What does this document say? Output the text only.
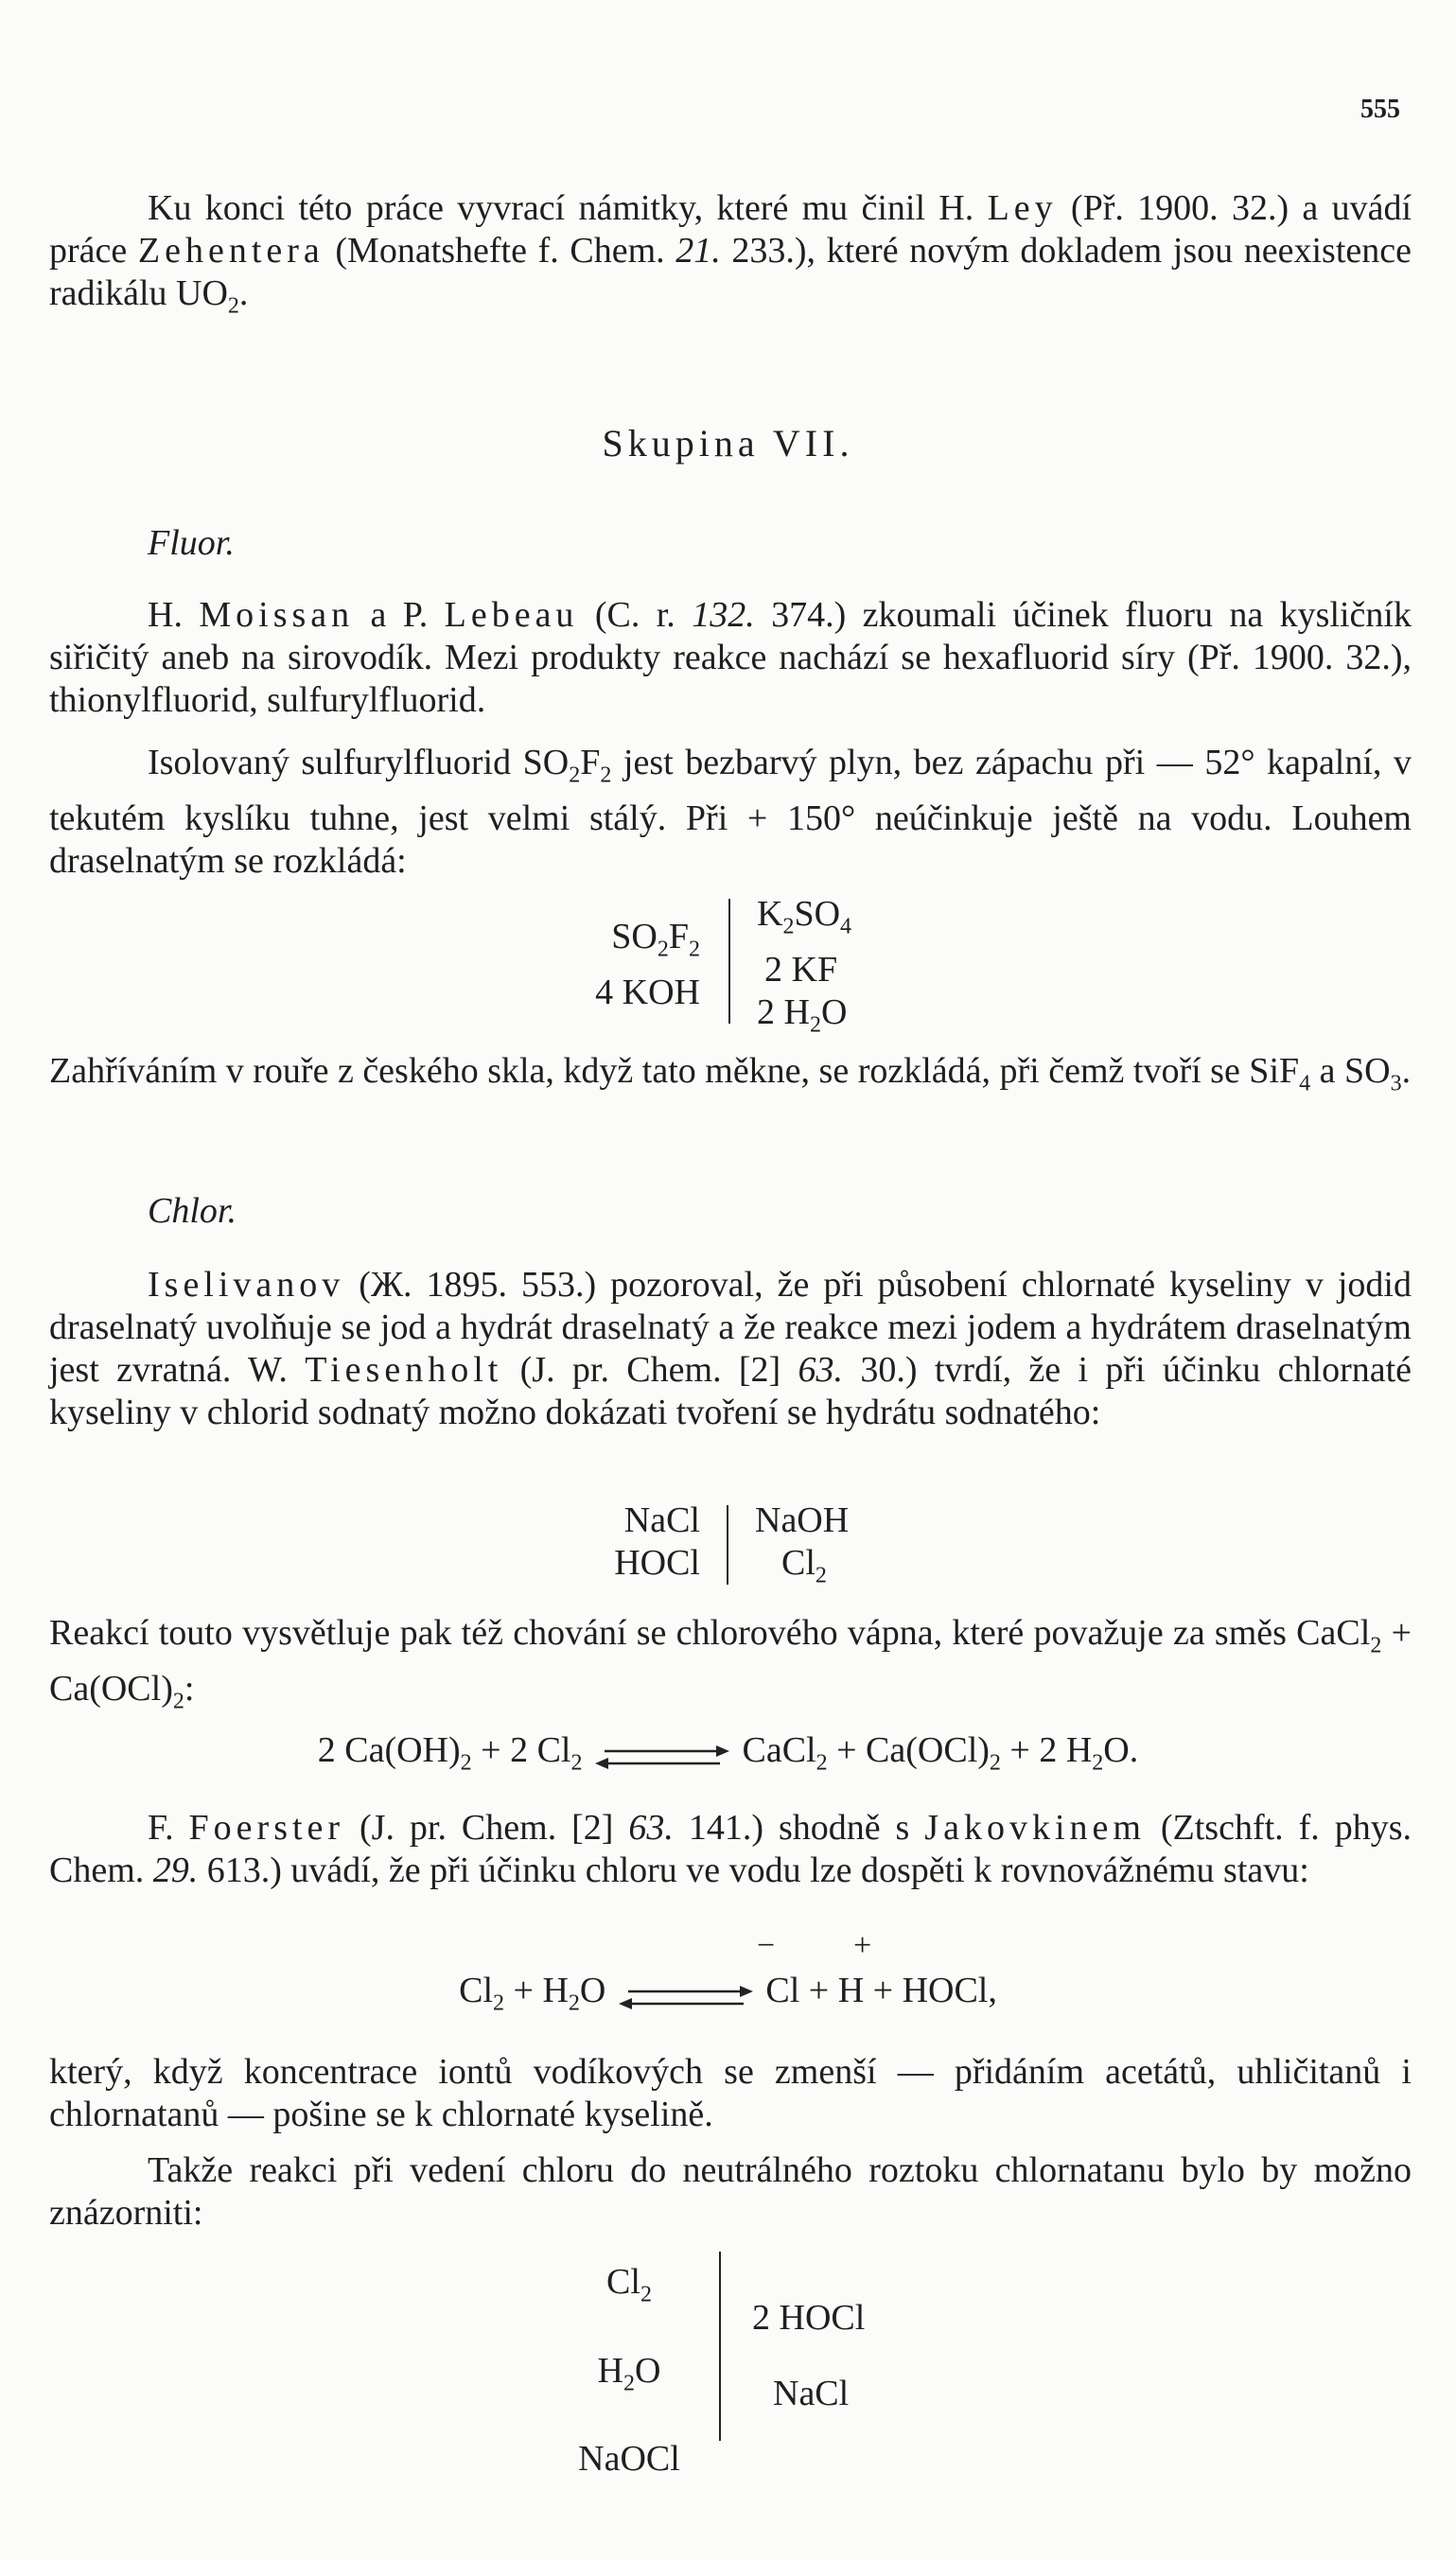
555

Ku konci této práce vyvrací námitky, které mu činil H. Ley (Př. 1900. 32.) a uvádí práce Zehentera (Monatshefte f. Chem. 21. 233.), které novým dokladem jsou neexistence radikálu $UO_2$.

Skupina VII.
Fluor.

H. Moissan a P. Lebeau (C. r. 132. 374.) zkoumali účinek fluoru na kysličník siřičitý aneb na sirovodík. Mezi produkty reakce nachází se hexafluorid síry (Př. 1900. 32.), thionylfluorid, sulfurylfluorid.

Isolovaný sulfurylfluorid $SO_2F_2$ jest bezbarvý plyn, bez zápachu při — 52° kapalní, v tekutém kyslíku tuhne, jest velmi stálý. Při + 150° neúčinkuje ještě na vodu. Louhem draselnatým se rozkládá:

$SO_2F_2$
4 KOH
$K_2SO_4$
2 KF
2 $H_2O$

Zahříváním v rouře z českého skla, když tato měkne, se rozkládá, při čemž tvoří se SiF$_4$ a $SO_3$.

Chlor.

Iselivanov (Ж. 1895. 553.) pozoroval, že při působení chlornaté kyseliny v jodid draselnatý uvolňuje se jod a hydrát draselnatý a že reakce mezi jodem a hydrátem draselnatým jest zvratná. W. Tiesenholt (J. pr. Chem. [2] 63. 30.) tvrdí, že i při účinku chlornaté kyseliny v chlorid sodnatý možno dokázati tvoření se hydrátu sodnatého:

NaCl
HOCl
NaOH
$Cl_2$

Reakcí touto vysvětluje pak též chování se chlorového vápna, které považuje za směs CaCl$_2$ + $Ca(OCl)_2$:

2 $Ca(OH)_2 + 2$ $Cl_2$ ⇌ CaCl$_2$ + $Ca(OCl)_2 + 2$ $H_2O$.

F. Foerster (J. pr. Chem. [2] 63. 141.) shodně s Jakovkinem (Ztschft. f. phys. Chem. 29. 613.) uvádí, že při účinku chloru ve vodu lze dospěti k rovnovážnému stavu:

− +
$Cl_2 + H_2O$ ⇌ Cl + H + HOCl,

který, když koncentrace iontů vodíkových se zmenší — přidáním acetátů, uhličitanů i chlornatanů — pošine se k chlornaté kyselině.

Takže reakci při vedení chloru do neutrálného roztoku chlornatanu bylo by možno znázorniti:

$Cl_2$
$H_2O$
NaOCl
2 HOCl
NaCl
